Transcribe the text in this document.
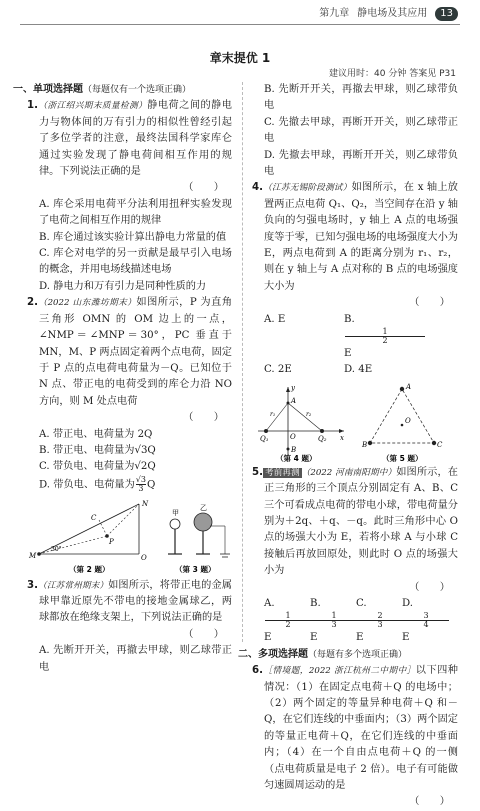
第九章 静电场及其应用	13
章末提优 1
建议用时：40 分钟 答案见 P31
一、单项选择题（每题仅有一个选项正确）

1.（浙江绍兴期末质量检测）静电荷之间的静电力与物体间的万有引力的相似性曾经引起了多位学者的注意，最终法国科学家库仑通过实验发现了静电荷间相互作用的规律。下列说法正确的是

（　　）

A. 库仑采用电荷平分法利用扭秤实验发现了电荷之间相互作用的规律

B. 库仑通过该实验计算出静电力常量的值

C. 库仑对电学的另一贡献是最早引入电场的概念，并用电场线描述电场

D. 静电力和万有引力是同种性质的力

2.（2022 山东潍坊期末）如图所示，P 为直角三角形 OMN 的 OM 边上的一点，∠NMP＝∠MNP＝30°，PC 垂直于 MN，M、P 两点固定着两个点电荷，固定于 P 点的点电荷电荷量为－Q。已知位于 N 点、带正电的电荷受到的库仑力沿 NO 方向，则 M 处点电荷

（　　）

A. 带正电、电荷量为 2Q

B. 带正电、电荷量为√3Q

C. 带负电、电荷量为√2Q

D. 带负电、电荷量为 $\frac{√3}{3}$ Q

N
O
C
P
M
30°
甲
乙
（第 2 题）	（第 3 题）

3.（江苏常州期末）如图所示，将带正电的金属球甲靠近原先不带电的接地金属球乙，两球都放在绝缘支架上，下列说法正确的是

（　　）

A. 先断开开关，再撤去甲球，则乙球带正电

B. 先断开开关，再撤去甲球，则乙球带负电

C. 先撤去甲球，再断开开关，则乙球带正电

D. 先撤去甲球，再断开开关，则乙球带负电

4.（江苏无锡阶段测试）如图所示，在 x 轴上放置两正点电荷 Q₁、Q₂，当空间存在沿 y 轴负向的匀强电场时，y 轴上 A 点的电场强度等于零，已知匀强电场的电场强度大小为 E，两点电荷到 A 的距离分别为 r₁、r₂，则在 y 轴上与 A 点对称的 B 点的电场强度大小为

（　　）

A. E	B.
$\frac{1}{2}$
E
C. 2E	D. 4E
y
A
B
O
Q₁	Q₂
r₁	r₂
x
A
B	C
O
（第 4 题）	（第 5 题）

5. 考前再测 （2022 河南南阳期中）如图所示，在正三角形的三个顶点分别固定有 A、B、C 三个可看成点电荷的带电小球，带电荷量分别为＋2q、＋q、－q。此时三角形中心 O 点的场强大小为 E，若将小球 A 与小球 C 接触后再放回原处，则此时 O 点的场强大小为

（　　）

A.
$\frac{1}{2}$
E
B.
$\frac{1}{3}$
E
C.
$\frac{2}{3}$
E
D.
$\frac{3}{4}$
E
二、多项选择题（每题有多个选项正确）

6.［情境题，2022 浙江杭州二中期中］以下四种情况：（1）在固定点电荷＋Q 的电场中；（2）两个固定的等量异种电荷＋Q 和－Q，在它们连线的中垂面内；（3）两个固定的等量正电荷＋Q，在它们连线的中垂面内；（4）在一个自由点电荷＋Q 的一侧（点电荷质量是电子 2 倍）。电子有可能做匀速圆周运动的是

（　　）
